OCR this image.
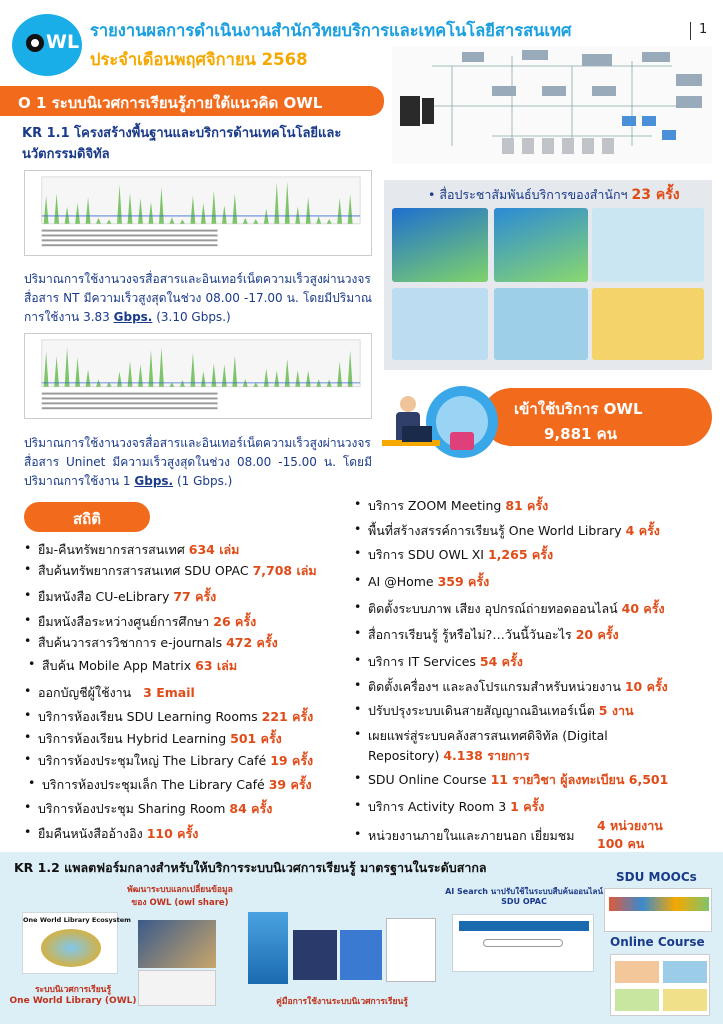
WL
รายงานผลการดำเนินงานสำนักวิทยบริการและเทคโนโลยีสารสนเทศ
ประจำเดือนพฤศจิกายน 2568
1
O 1 ระบบนิเวศการเรียนรู้ภายใต้แนวคิด OWL
KR 1.1 โครงสร้างพื้นฐานและบริการด้านเทคโนโลยีและนวัตกรรมดิจิทัล
ปริมาณการใช้งานวงจรสื่อสารและอินเทอร์เน็ตความเร็วสูงผ่านวงจรสื่อสาร NT มีความเร็วสูงสุดในช่วง 08.00 -17.00 น. โดยมีปริมาณการใช้งาน 3.83 Gbps. (3.10 Gbps.)
ปริมาณการใช้งานวงจรสื่อสารและอินเทอร์เน็ตความเร็วสูงผ่านวงจรสื่อสาร Uninet มีความเร็วสูงสุดในช่วง 08.00 -15.00 น. โดยมีปริมาณการใช้งาน 1 Gbps. (1 Gbps.)
• สื่อประชาสัมพันธ์บริการของสำนักฯ 23 ครั้ง
เข้าใช้บริการ OWL
9,881 คน
สถิติ
• ยืม-คืนทรัพยากรสารสนเทศ 634 เล่ม
• สืบค้นทรัพยากรสารสนเทศ SDU OPAC 7,708 เล่ม
• ยืมหนังสือ CU-eLibrary 77 ครั้ง
• ยืมหนังสือระหว่างศูนย์การศึกษา 26 ครั้ง
• สืบค้นวารสารวิชาการ e-journals 472 ครั้ง
• สืบค้น Mobile App Matrix 63 เล่ม
• ออกบัญชีผู้ใช้งาน 3 Email
• บริการห้องเรียน SDU Learning Rooms 221 ครั้ง
• บริการห้องเรียน Hybrid Learning 501 ครั้ง
• บริการห้องประชุมใหญ่ The Library Café 19 ครั้ง
• บริการห้องประชุมเล็ก The Library Café 39 ครั้ง
• บริการห้องประชุม Sharing Room 84 ครั้ง
• ยืมคืนหนังสืออ้างอิง 110 ครั้ง
• บริการ ZOOM Meeting 81 ครั้ง
• พื้นที่สร้างสรรค์การเรียนรู้ One World Library 4 ครั้ง
• บริการ SDU OWL XI 1,265 ครั้ง
• AI @Home 359 ครั้ง
• ติดตั้งระบบภาพ เสียง อุปกรณ์ถ่ายทอดออนไลน์ 40 ครั้ง
• สื่อการเรียนรู้ รู้หรือไม่?…วันนี้วันอะไร 20 ครั้ง
• บริการ IT Services 54 ครั้ง
• ติดตั้งเครื่องฯ และลงโปรแกรมสำหรับหน่วยงาน 10 ครั้ง
• ปรับปรุงระบบเดินสายสัญญาณอินเทอร์เน็ต 5 งาน
• เผยแพร่สู่ระบบคลังสารสนเทศดิจิทัล (Digital
Repository) 4.138 รายการ
• SDU Online Course 11 รายวิชา ผู้ลงทะเบียน 6,501
• บริการ Activity Room 3 1 ครั้ง
• หน่วยงานภายในและภายนอก เยี่ยมชม
4 หน่วยงาน
100 คน
KR 1.2 แพลตฟอร์มกลางสำหรับให้บริการระบบนิเวศการเรียนรู้ มาตรฐานในระดับสากล
One World Library Ecosystem
ระบบนิเวศการเรียนรู้
One World Library (OWL)
พัฒนาระบบแลกเปลี่ยนข้อมูล
ของ OWL (owl share)
คู่มือการใช้งานระบบนิเวศการเรียนรู้
AI Search นาปรับใช้ในระบบสืบค้นออนไลน์
SDU OPAC
SDU MOOCs
Online Course
